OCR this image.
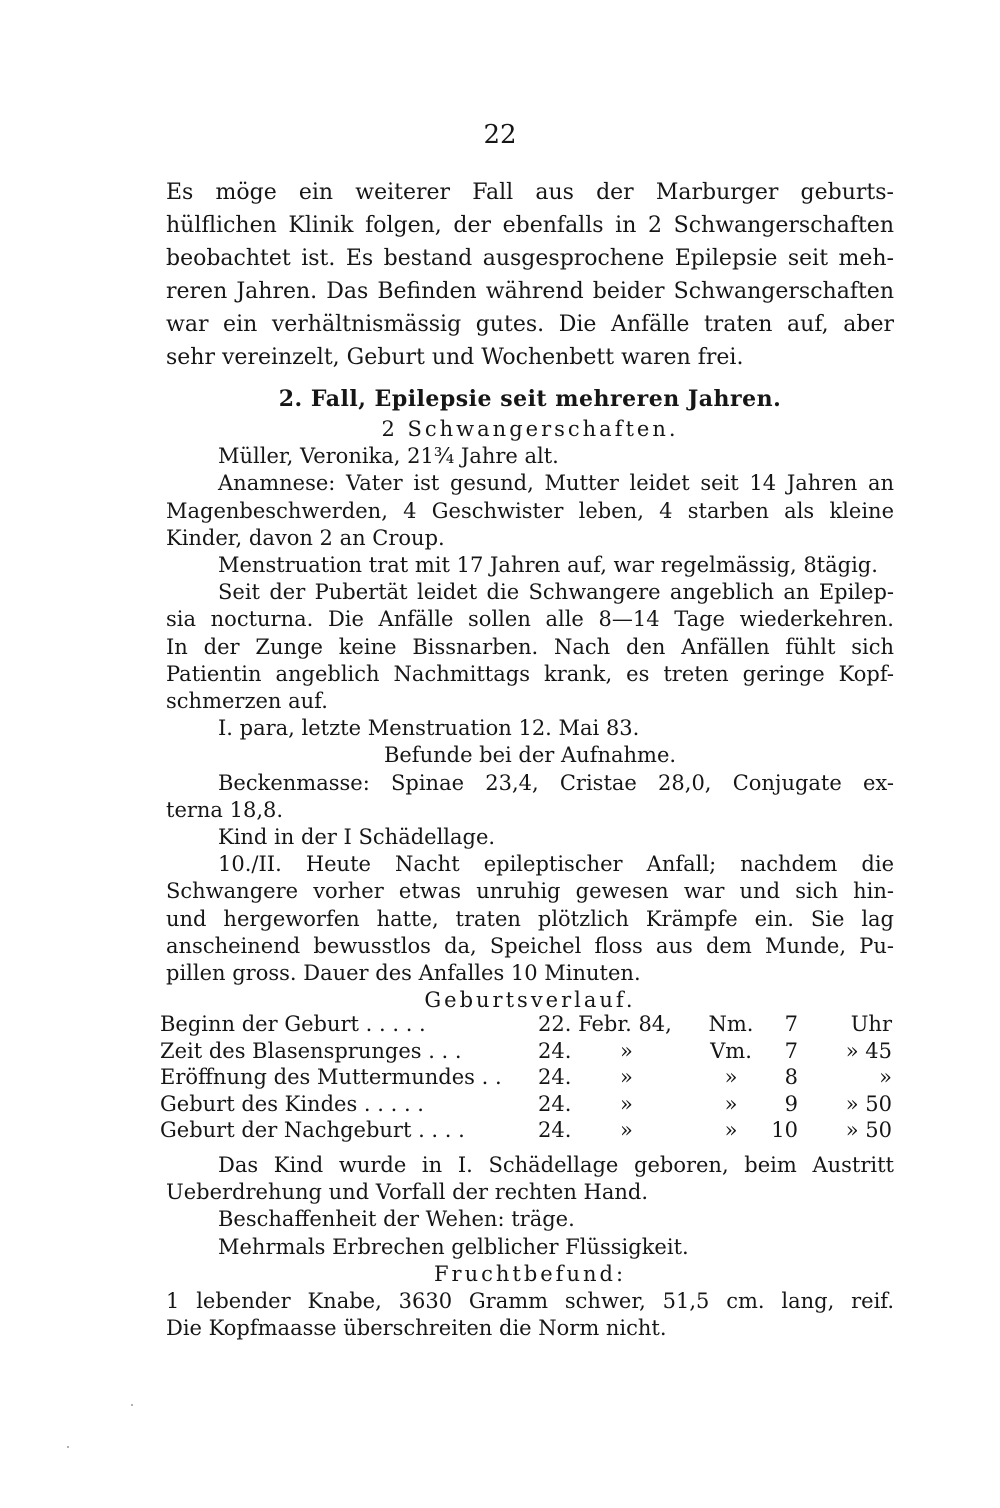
22
Es möge ein weiterer Fall aus der Marburger geburts-
hülflichen Klinik folgen, der ebenfalls in 2 Schwangerschaften
beobachtet ist. Es bestand ausgesprochene Epilepsie seit meh-
reren Jahren. Das Befinden während beider Schwangerschaften
war ein verhältnismässig gutes. Die Anfälle traten auf, aber
sehr vereinzelt, Geburt und Wochenbett waren frei.
2. Fall, Epilepsie seit mehreren Jahren.
2 Schwangerschaften.
Müller, Veronika, 21¾ Jahre alt.
Anamnese: Vater ist gesund, Mutter leidet seit 14 Jahren an
Magenbeschwerden, 4 Geschwister leben, 4 starben als kleine
Kinder, davon 2 an Croup.
Menstruation trat mit 17 Jahren auf, war regelmässig, 8tägig.
Seit der Pubertät leidet die Schwangere angeblich an Epilep-
sia nocturna. Die Anfälle sollen alle 8—14 Tage wiederkehren.
In der Zunge keine Bissnarben. Nach den Anfällen fühlt sich
Patientin angeblich Nachmittags krank, es treten geringe Kopf-
schmerzen auf.
I. para, letzte Menstruation 12. Mai 83.
Befunde bei der Aufnahme.
Beckenmasse: Spinae 23,4, Cristae 28,0, Conjugate ex-
terna 18,8.
Kind in der I Schädellage.
10./II. Heute Nacht epileptischer Anfall; nachdem die
Schwangere vorher etwas unruhig gewesen war und sich hin-
und hergeworfen hatte, traten plötzlich Krämpfe ein. Sie lag
anscheinend bewusstlos da, Speichel floss aus dem Munde, Pu-
pillen gross. Dauer des Anfalles 10 Minuten.
Geburtsverlauf.
Beginn der Geburt . . . . .	22. Febr. 84, Nm.	7	Uhr
Zeit des Blasensprunges . . .	24. »	Vm.	7	» 45
Eröffnung des Muttermundes . . 24. »	»	8	»
Geburt des Kindes . . . . .	24. »	»	9	» 50
Geburt der Nachgeburt . . . .	24. »	»	10	» 50
Das Kind wurde in I. Schädellage geboren, beim Austritt
Ueberdrehung und Vorfall der rechten Hand.
Beschaffenheit der Wehen: träge.
Mehrmals Erbrechen gelblicher Flüssigkeit.
Fruchtbefund:
1 lebender Knabe, 3630 Gramm schwer, 51,5 cm. lang, reif.
Die Kopfmaasse überschreiten die Norm nicht.
